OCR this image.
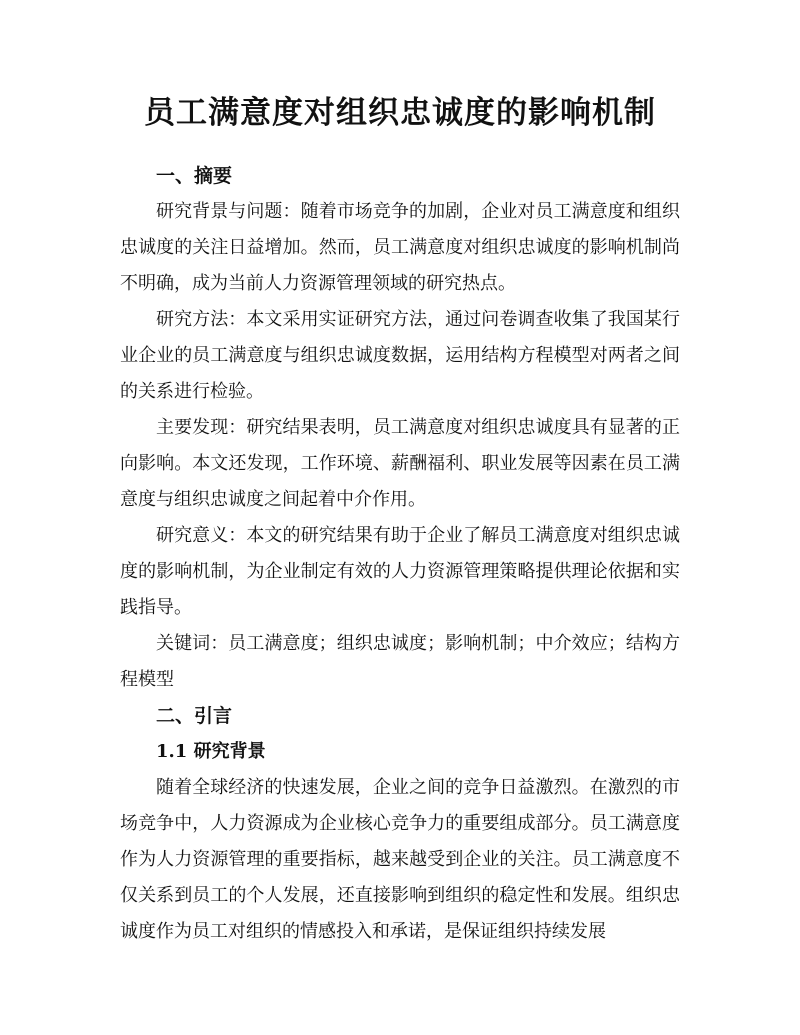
员工满意度对组织忠诚度的影响机制
一、摘要

研究背景与问题：随着市场竞争的加剧，企业对员工满意度和组织忠诚度的关注日益增加。然而，员工满意度对组织忠诚度的影响机制尚不明确，成为当前人力资源管理领域的研究热点。

研究方法：本文采用实证研究方法，通过问卷调查收集了我国某行业企业的员工满意度与组织忠诚度数据，运用结构方程模型对两者之间的关系进行检验。

主要发现：研究结果表明，员工满意度对组织忠诚度具有显著的正向影响。本文还发现，工作环境、薪酬福利、职业发展等因素在员工满意度与组织忠诚度之间起着中介作用。

研究意义：本文的研究结果有助于企业了解员工满意度对组织忠诚度的影响机制，为企业制定有效的人力资源管理策略提供理论依据和实践指导。

关键词：员工满意度；组织忠诚度；影响机制；中介效应；结构方程模型

二、引言
1.1 研究背景

随着全球经济的快速发展，企业之间的竞争日益激烈。在激烈的市场竞争中，人力资源成为企业核心竞争力的重要组成部分。员工满意度作为人力资源管理的重要指标，越来越受到企业的关注。员工满意度不仅关系到员工的个人发展，还直接影响到组织的稳定性和发展。组织忠诚度作为员工对组织的情感投入和承诺，是保证组织持续发展
